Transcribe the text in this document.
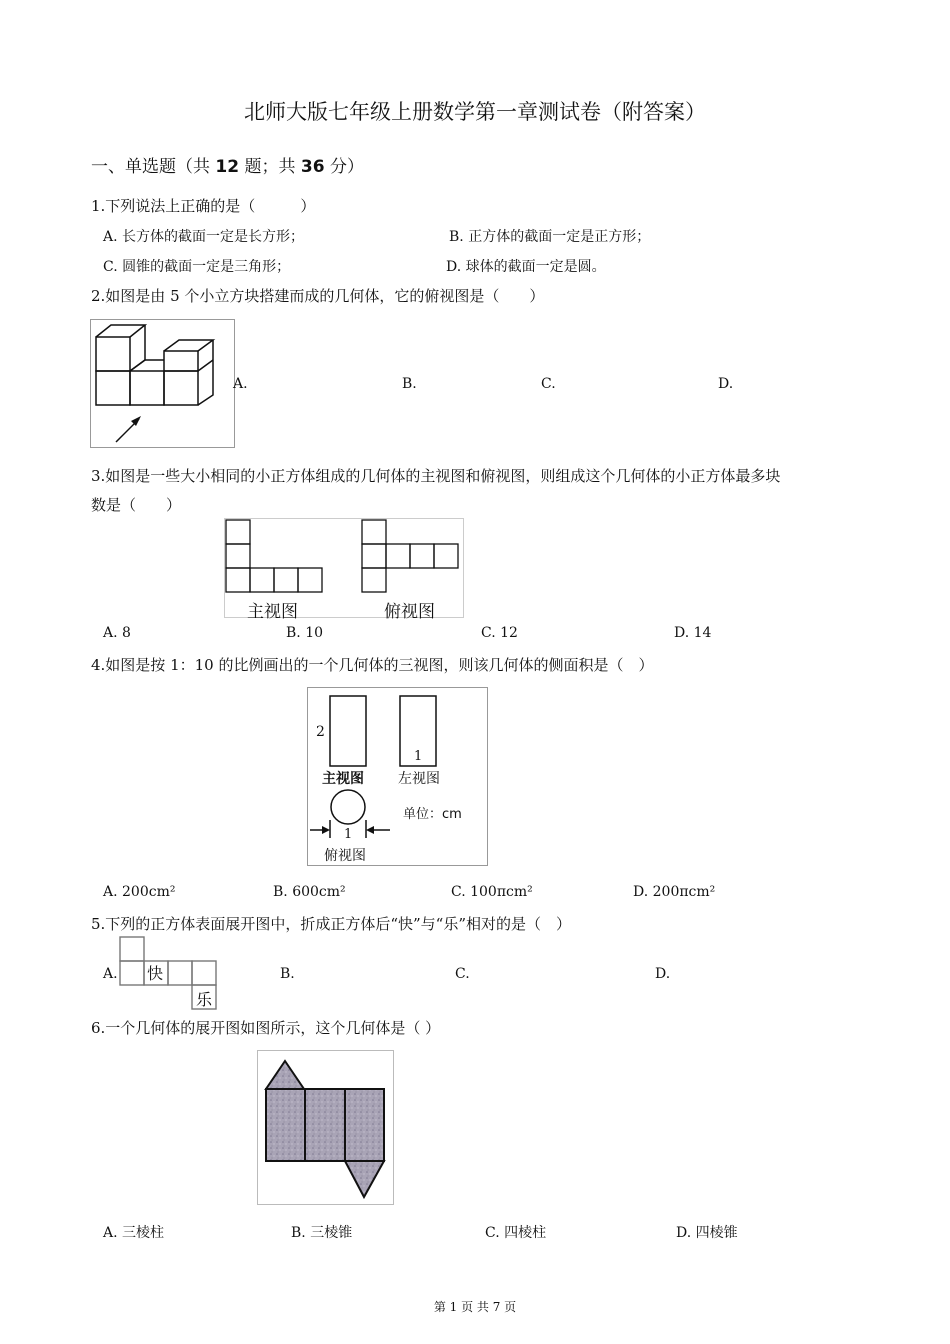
北师大版七年级上册数学第一章测试卷（附答案）
一、单选题（共 12 题；共 36 分）
1.下列说法上正确的是（　　　）
A. 长方体的截面一定是长方形；	B. 正方体的截面一定是正方形；
C. 圆锥的截面一定是三角形；	D. 球体的截面一定是圆。
2.如图是由 5 个小立方块搭建而成的几何体，它的俯视图是（　　）
A.	B.	C.	D.
3.如图是一些大小相同的小正方体组成的几何体的主视图和俯视图，则组成这个几何体的小正方体最多块
数是（　　）
主视图	俯视图
A. 8	B. 10	C. 12	D. 14
4.如图是按 1：10 的比例画出的一个几何体的三视图，则该几何体的侧面积是（　）
2
1
主视图 左视图
单位：cm
1
俯视图
A. 200cm²	B. 600cm²	C. 100πcm²	D. 200πcm²
5.下列的正方体表面展开图中，折成正方体后“快”与“乐”相对的是（　）
A. 快
乐
B.	C.	D.
6.一个几何体的展开图如图所示，这个几何体是（ ）
A. 三棱柱	B. 三棱锥	C. 四棱柱	D. 四棱锥
第 1 页 共 7 页
